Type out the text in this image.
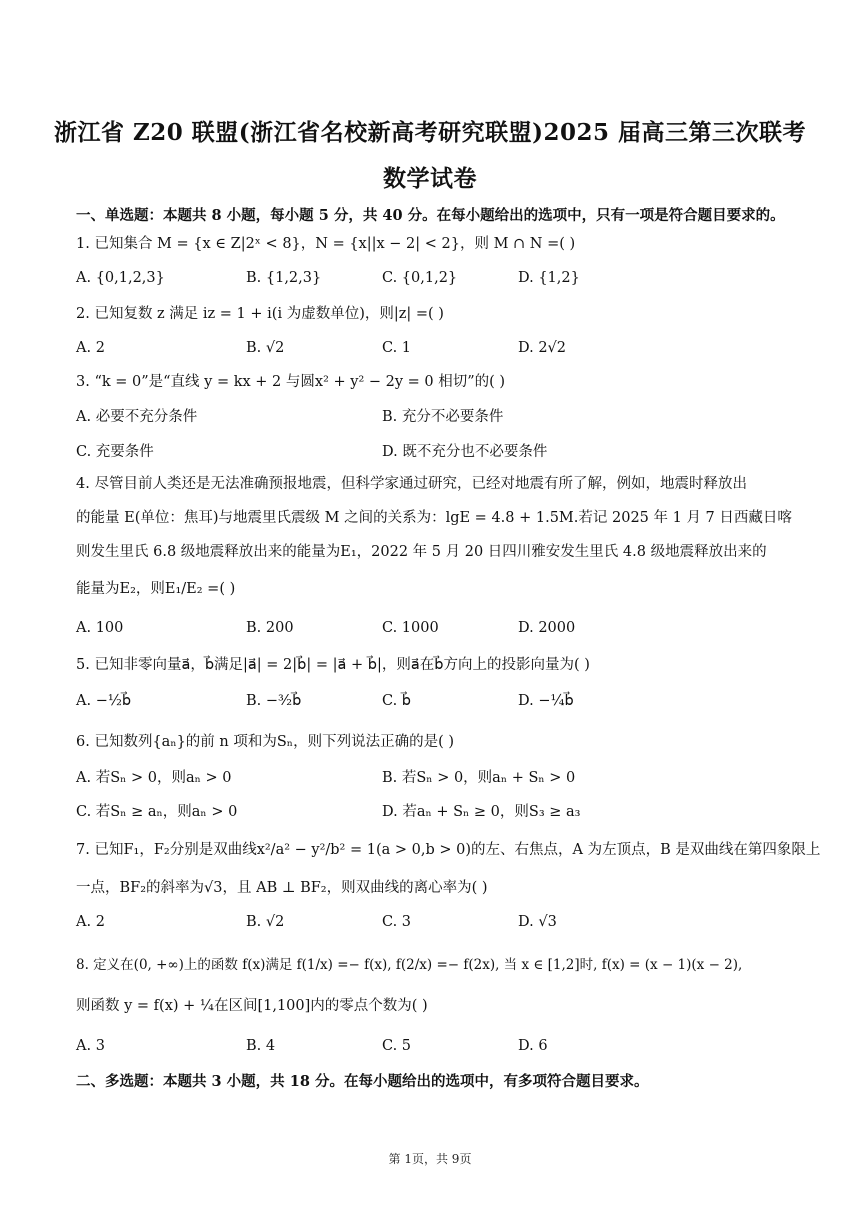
浙江省 Z20 联盟(浙江省名校新高考研究联盟)2025 届高三第三次联考
数学试卷
一、单选题：本题共 8 小题，每小题 5 分，共 40 分。在每小题给出的选项中，只有一项是符合题目要求的。
1. 已知集合 M = {x ∈ Z|2ˣ < 8}，N = {x||x − 2| < 2}，则 M ∩ N =( )
A. {0,1,2,3}	B. {1,2,3}	C. {0,1,2}	D. {1,2}
2. 已知复数 z 满足 iz = 1 + i(i 为虚数单位)，则|z| =( )
A. 2	B. √2	C. 1	D. 2√2
3. “k = 0”是“直线 y = kx + 2 与圆x² + y² − 2y = 0 相切”的( )
A. 必要不充分条件	B. 充分不必要条件
C. 充要条件	D. 既不充分也不必要条件
4. 尽管目前人类还是无法准确预报地震，但科学家通过研究，已经对地震有所了解，例如，地震时释放出
的能量 E(单位：焦耳)与地震里氏震级 M 之间的关系为：lgE = 4.8 + 1.5M.若记 2025 年 1 月 7 日西藏日喀
则发生里氏 6.8 级地震释放出来的能量为E₁，2022 年 5 月 20 日四川雅安发生里氏 4.8 级地震释放出来的
能量为E₂，则E₁/E₂ =( )
A. 100	B. 200	C. 1000	D. 2000
5. 已知非零向量a⃗，b⃗满足|a⃗| = 2|b⃗| = |a⃗ + b⃗|，则a⃗在b⃗方向上的投影向量为( )
A. −½b⃗	B. −³⁄₂b⃗	C. b⃗	D. −¼b⃗
6. 已知数列{aₙ}的前 n 项和为Sₙ，则下列说法正确的是( )
A. 若Sₙ > 0，则aₙ > 0	B. 若Sₙ > 0，则aₙ + Sₙ > 0
C. 若Sₙ ≥ aₙ，则aₙ > 0	D. 若aₙ + Sₙ ≥ 0，则S₃ ≥ a₃
7. 已知F₁，F₂分别是双曲线x²/a² − y²/b² = 1(a > 0,b > 0)的左、右焦点，A 为左顶点，B 是双曲线在第四象限上
一点，BF₂的斜率为√3，且 AB ⊥ BF₂，则双曲线的离心率为( )
A. 2	B. √2	C. 3	D. √3
8. 定义在(0, +∞)上的函数 f(x)满足 f(1/x) =− f(x), f(2/x) =− f(2x), 当 x ∈ [1,2]时, f(x) = (x − 1)(x − 2),
则函数 y = f(x) + ¼在区间[1,100]内的零点个数为( )
A. 3	B. 4	C. 5	D. 6
二、多选题：本题共 3 小题，共 18 分。在每小题给出的选项中，有多项符合题目要求。
第 1页，共 9页
